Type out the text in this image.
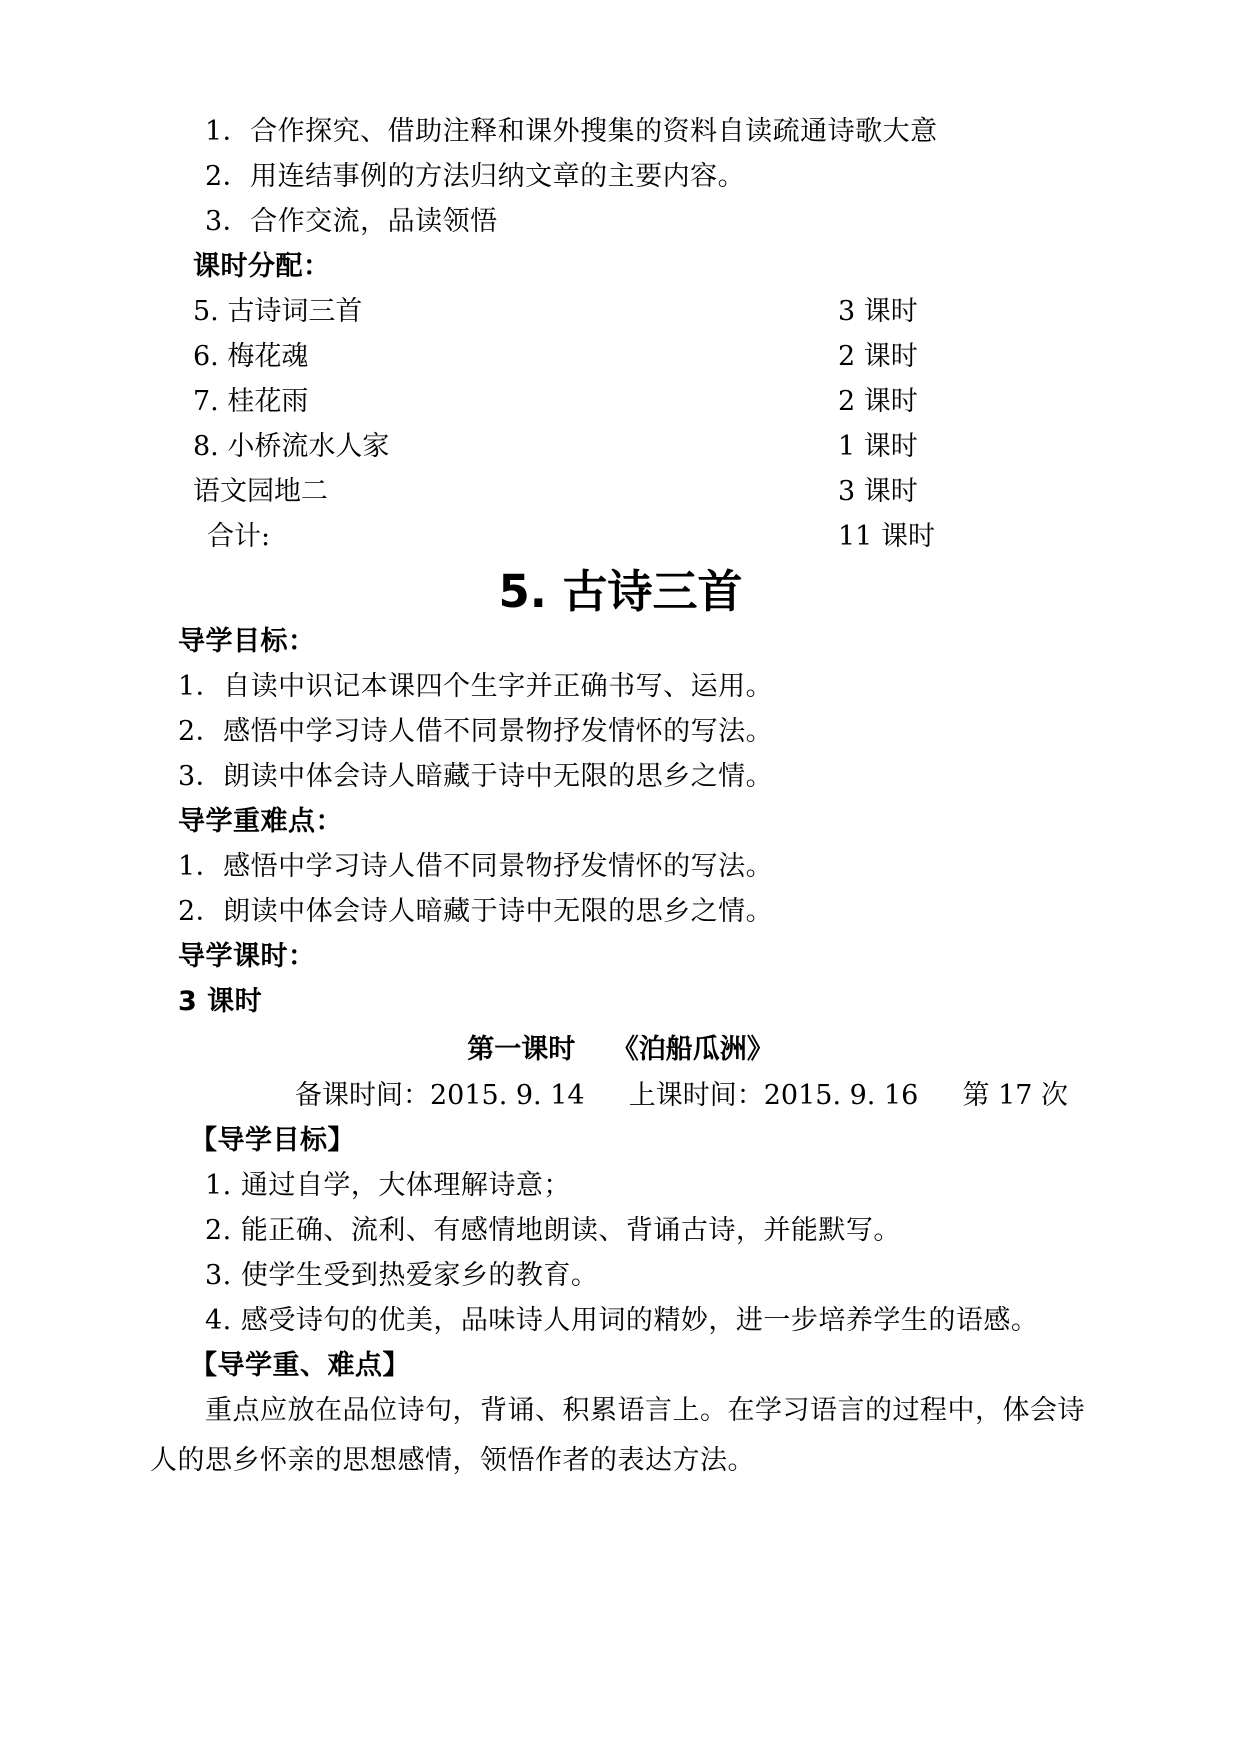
1．合作探究、借助注释和课外搜集的资料自读疏通诗歌大意
2．用连结事例的方法归纳文章的主要内容。
3．合作交流，品读领悟
课时分配：
5. 古诗词三首	3 课时
6. 梅花魂	2 课时
7. 桂花雨	2 课时
8. 小桥流水人家	1 课时
语文园地二	3 课时
合计:	11 课时
5. 古诗三首
导学目标：
1．自读中识记本课四个生字并正确书写、运用。
2．感悟中学习诗人借不同景物抒发情怀的写法。
3．朗读中体会诗人暗藏于诗中无限的思乡之情。
导学重难点：
1．感悟中学习诗人借不同景物抒发情怀的写法。
2．朗读中体会诗人暗藏于诗中无限的思乡之情。
导学课时：
3 课时
第一课时　 《泊船瓜洲》
备课时间：2015. 9. 14　  上课时间：2015. 9. 16　  第 17 次
【导学目标】
1. 通过自学，大体理解诗意；
2. 能正确、流利、有感情地朗读、背诵古诗，并能默写。
3. 使学生受到热爱家乡的教育。
4. 感受诗句的优美，品味诗人用词的精妙，进一步培养学生的语感。
【导学重、难点】
重点应放在品位诗句，背诵、积累语言上。在学习语言的过程中，体会诗人的思乡怀亲的思想感情，领悟作者的表达方法。
